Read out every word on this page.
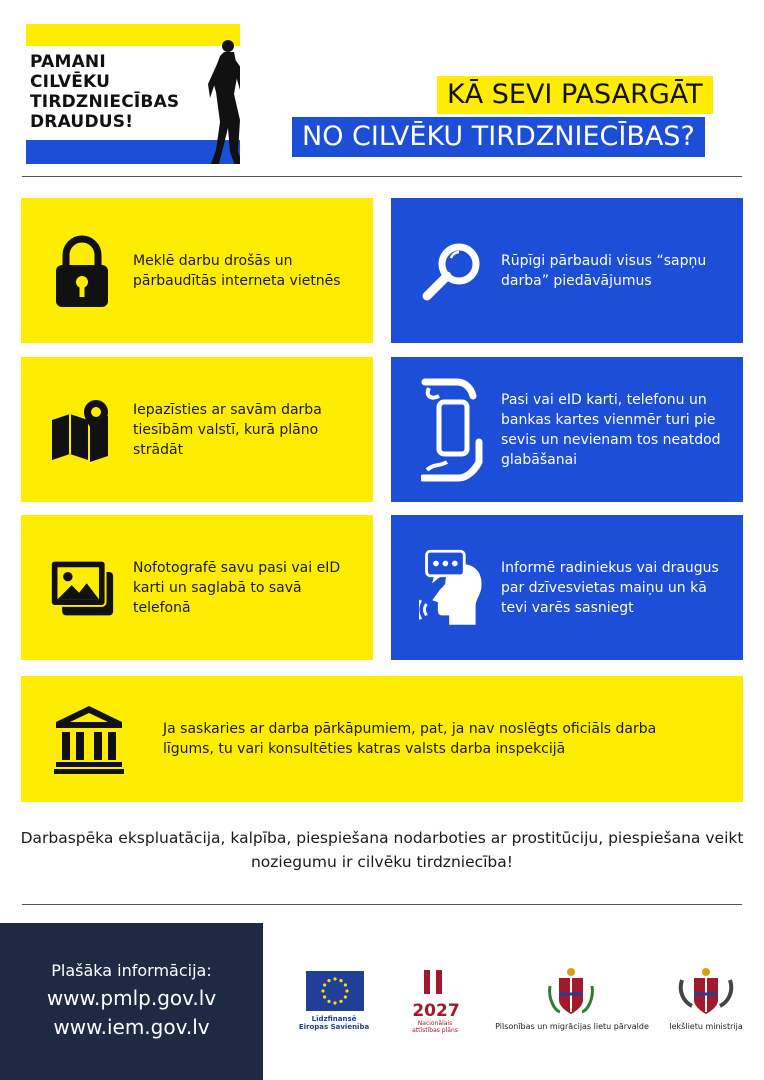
PAMANI
CILVĒKU
TIRDZNIECĪBAS
DRAUDUS!
KĀ SEVI PASARGĀT
NO CILVĒKU TIRDZNIECĪBAS?
Meklē darbu drošās un pārbaudītās interneta vietnēs
Rūpīgi pārbaudi visus “sapņu darba” piedāvājumus
Iepazīsties ar savām darba tiesībām valstī, kurā plāno strādāt
Pasi vai eID karti, telefonu un bankas kartes vienmēr turi pie sevis un nevienam tos neatdod glabāšanai
Nofotografē savu pasi vai eID karti un saglabā to savā telefonā
Informē radiniekus vai draugus par dzīvesvietas maiņu un kā tevi varēs sasniegt
Ja saskaries ar darba pārkāpumiem, pat, ja nav noslēgts oficiāls darba līgums, tu vari konsultēties katras valsts darba inspekcijā
Darbaspēka ekspluatācija, kalpība, piespiešana nodarboties ar prostitūciju, piespiešana veikt noziegumu ir cilvēku tirdzniecība!
Plašāka informācija:
www.pmlp.gov.lv
www.iem.gov.lv	Līdzfinansē
Eiropas Savienība
2027
Nacionālais
attīstības plāns	Pilsonības un migrācijas lietu pārvalde	Iekšlietu ministrija
